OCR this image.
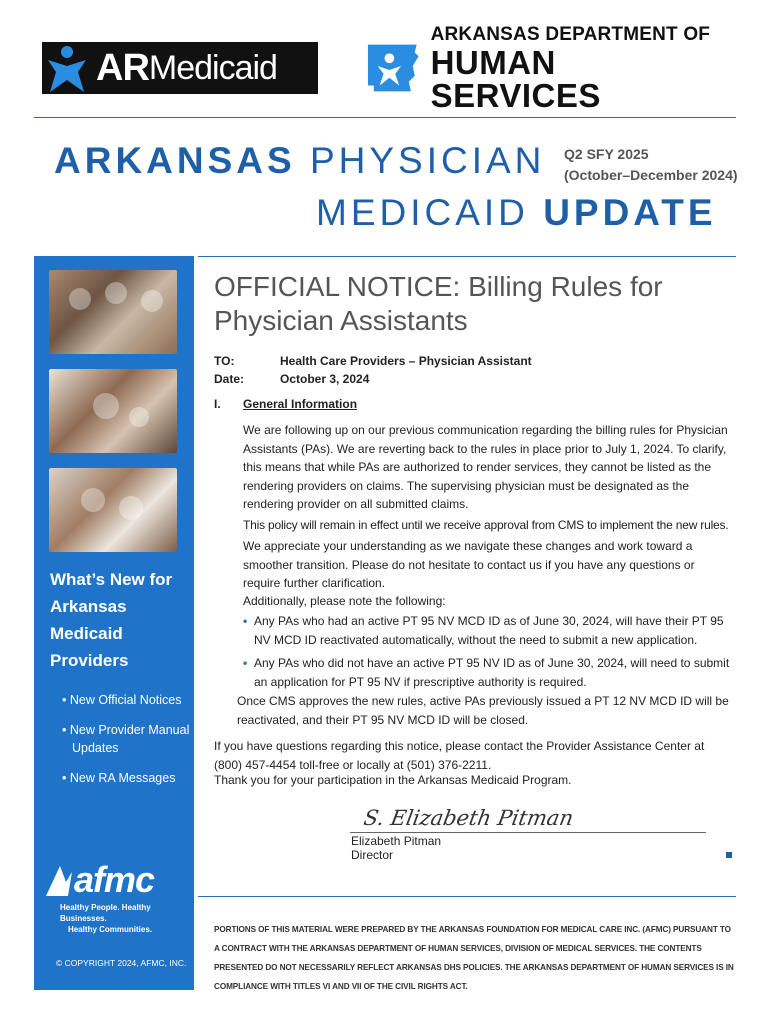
AR Medicaid
ARKANSAS DEPARTMENT OF
HUMAN SERVICES
ARKANSAS PHYSICIAN Q2 SFY 2025
(October–December 2024)
MEDICAID UPDATE
What’s New for Arkansas Medicaid Providers
• New Official Notices
• New Provider Manual Updates
• New RA Messages
afmc
Healthy People. Healthy Businesses.
Healthy Communities.
© COPYRIGHT 2024, AFMC, INC.
OFFICIAL NOTICE: Billing Rules for Physician Assistants
TO:	Health Care Providers – Physician Assistant
Date:	October 3, 2024
I. General Information
We are following up on our previous communication regarding the billing rules for Physician Assistants (PAs). We are reverting back to the rules in place prior to July 1, 2024. To clarify, this means that while PAs are authorized to render services, they cannot be listed as the rendering providers on claims. The supervising physician must be designated as the rendering provider on all submitted claims.
This policy will remain in effect until we receive approval from CMS to implement the new rules.
We appreciate your understanding as we navigate these changes and work toward a smoother transition. Please do not hesitate to contact us if you have any questions or require further clarification.
Additionally, please note the following:
• Any PAs who had an active PT 95 NV MCD ID as of June 30, 2024, will have their PT 95 NV MCD ID reactivated automatically, without the need to submit a new application.
• Any PAs who did not have an active PT 95 NV ID as of June 30, 2024, will need to submit an application for PT 95 NV if prescriptive authority is required.
Once CMS approves the new rules, active PAs previously issued a PT 12 NV MCD ID will be reactivated, and their PT 95 NV MCD ID will be closed.
If you have questions regarding this notice, please contact the Provider Assistance Center at (800) 457-4454 toll-free or locally at (501) 376-2211.
Thank you for your participation in the Arkansas Medicaid Program.
S. Elizabeth Pitman
Elizabeth Pitman
Director
PORTIONS OF THIS MATERIAL WERE PREPARED BY THE ARKANSAS FOUNDATION FOR MEDICAL CARE INC. (AFMC) PURSUANT TO A CONTRACT WITH THE ARKANSAS DEPARTMENT OF HUMAN SERVICES, DIVISION OF MEDICAL SERVICES. THE CONTENTS PRESENTED DO NOT NECESSARILY REFLECT ARKANSAS DHS POLICIES. THE ARKANSAS DEPARTMENT OF HUMAN SERVICES IS IN COMPLIANCE WITH TITLES VI AND VII OF THE CIVIL RIGHTS ACT.
